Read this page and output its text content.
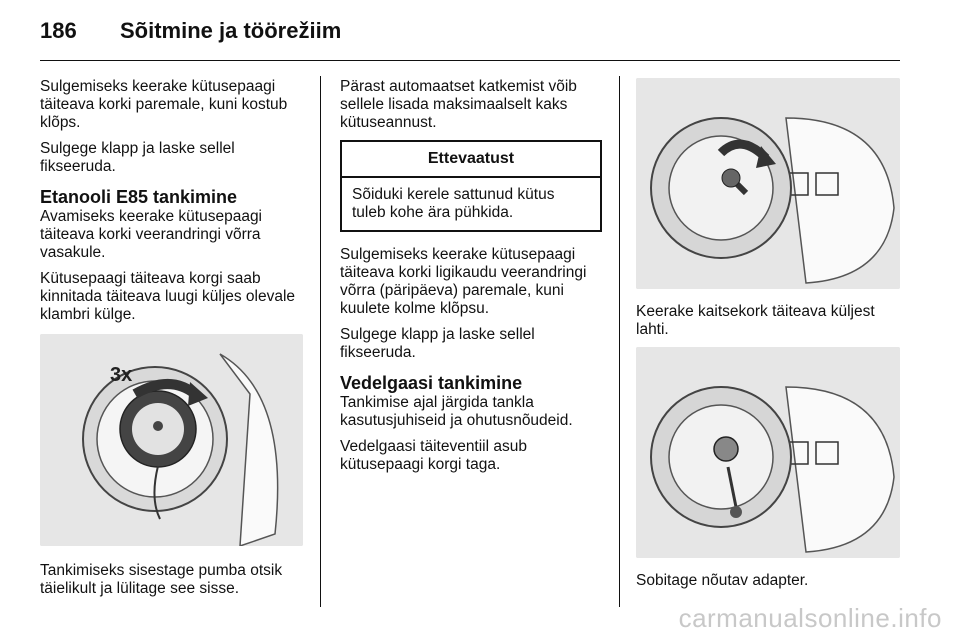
186 Sõitmine ja töörežiim

Sulgemiseks keerake kütusepaagi täiteava korki paremale, kuni kostub klõps.

Sulgege klapp ja laske sellel fikseeruda.

Etanooli E85 tankimine

Avamiseks keerake kütusepaagi täiteava korki veerandringi võrra vasakule.

Kütusepaagi täiteava korgi saab kinnitada täiteava luugi küljes olevale klambri külge.

3x

Tankimiseks sisestage pumba otsik täielikult ja lülitage see sisse.

Pärast automaatset katkemist võib sellele lisada maksimaalselt kaks kütuseannust.

Ettevaatust
Sõiduki kerele sattunud kütus tuleb kohe ära pühkida.

Sulgemiseks keerake kütusepaagi täiteava korki ligikaudu veerandringi võrra (päripäeva) paremale, kuni kuulete kolme klõpsu.

Sulgege klapp ja laske sellel fikseeruda.

Vedelgaasi tankimine

Tankimise ajal järgida tankla kasutusjuhiseid ja ohutusnõudeid.

Vedelgaasi täiteventiil asub kütusepaagi korgi taga.

Keerake kaitsekork täiteava küljest lahti.

Sobitage nõutav adapter.

carmanualsonline.info
